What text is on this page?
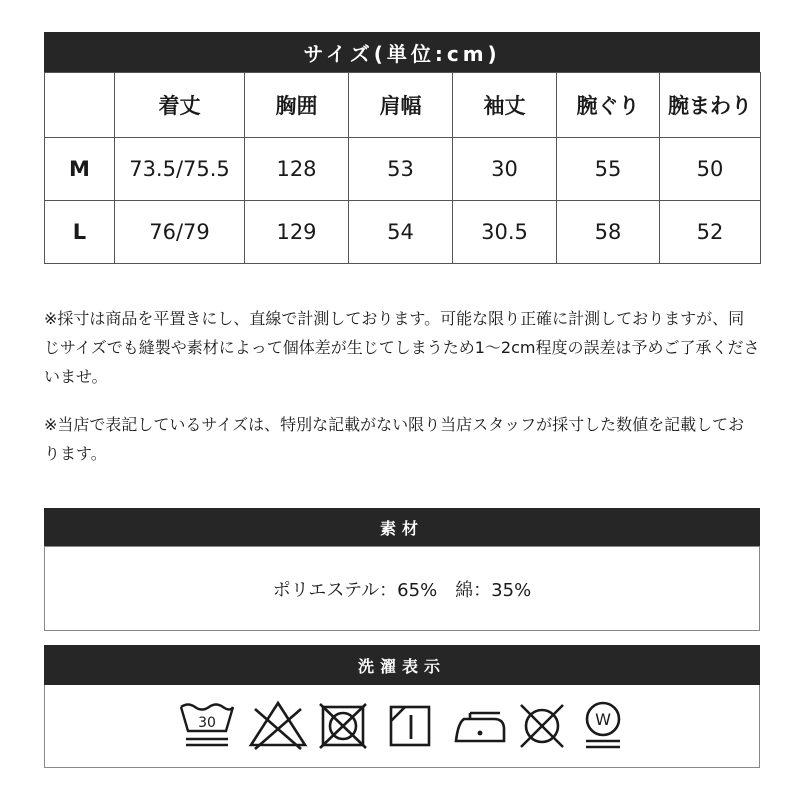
サイズ(単位:cm)
	着丈	胸囲	肩幅	袖丈	腕ぐり	腕まわり
M	73.5/75.5	128	53	30	55	50
L	76/79	129	54	30.5	58	52
※採寸は商品を平置きにし、直線で計測しております。可能な限り正確に計測しておりますが、同じサイズでも縫製や素材によって個体差が生じてしまうため1～2cm程度の誤差は予めご了承くださいませ。
※当店で表記しているサイズは、特別な記載がない限り当店スタッフが採寸した数値を記載しております。
素材
ポリエステル：65%　綿：35%
洗濯表示
30	W
